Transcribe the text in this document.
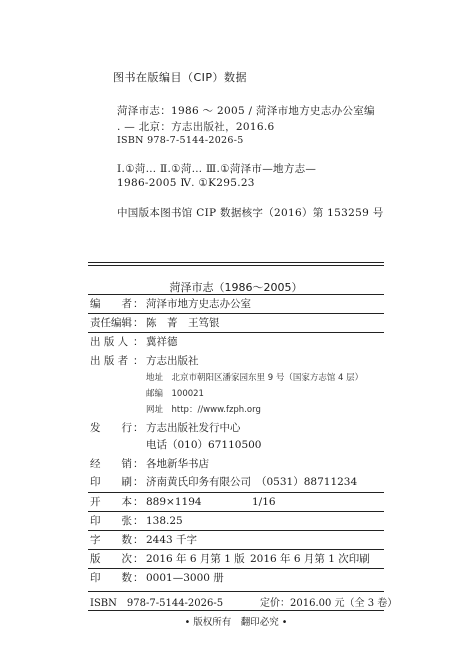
图书在版编目（CIP）数据
菏泽市志：1986 ～ 2005 / 菏泽市地方史志办公室编
. — 北京：方志出版社，2016.6
ISBN 978-7-5144-2026-5
Ⅰ.①菏… Ⅱ.①菏… Ⅲ.①菏泽市—地方志—
1986-2005 Ⅳ. ①K295.23
中国版本图书馆 CIP 数据核字（2016）第 153259 号
菏泽市志（1986～2005）
编　　者 ： 菏泽市地方史志办公室
责任编辑 ： 陈　菁　王笃银
出 版 人 ： 冀祥德
出 版 者 ： 方志出版社
地址　北京市朝阳区潘家园东里 9 号（国家方志馆 4 层）
邮编　100021
网址　http：//www.fzph.org
发　　行 ： 方志出版社发行中心
电话（010）67110500
经　　销 ： 各地新华书店
印　　刷 ： 济南黄氏印务有限公司 （0531）88711234
开　　本 ： 889×1194	1/16
印　　张 ： 138.25
字　　数 ： 2443 千字
版　　次 ： 2016 年 6 月第 1 版 2016 年 6 月第 1 次印刷
印　　数 ： 0001—3000 册
ISBN　978-7-5144-2026-5	定价：2016.00 元（全 3 卷）
• 版权所有　翻印必究 •
